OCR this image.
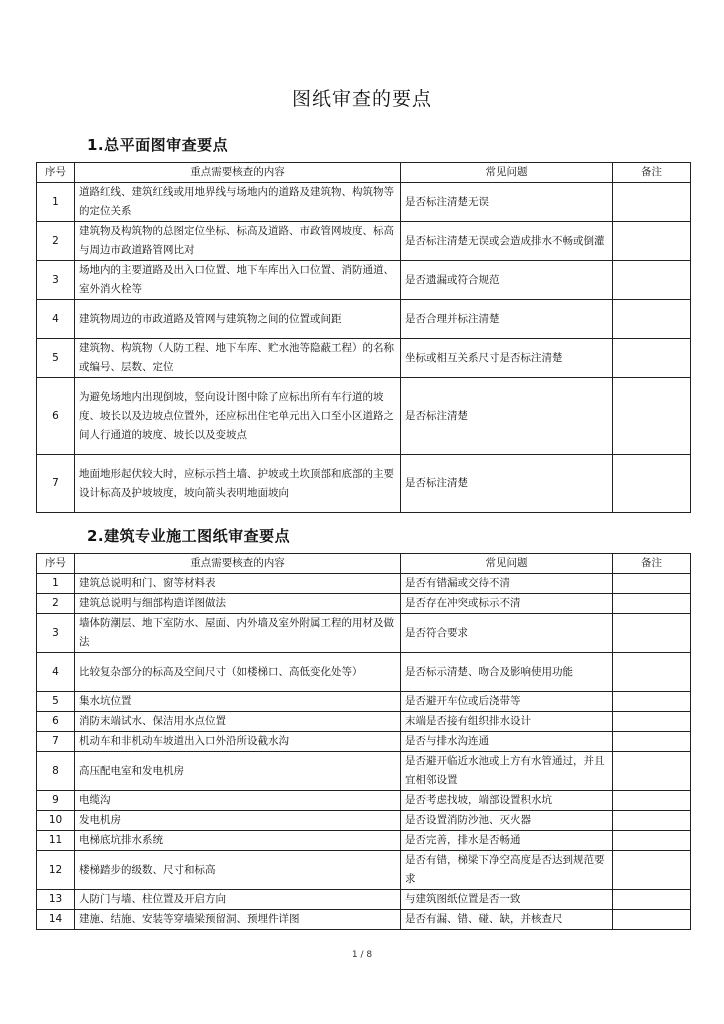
图纸审查的要点
1.总平面图审查要点
序号	重点需要核查的内容	常见问题	备注
1	道路红线、建筑红线或用地界线与场地内的道路及建筑物、构筑物等的定位关系	是否标注清楚无误	
2	建筑物及构筑物的总图定位坐标、标高及道路、市政管网坡度、标高与周边市政道路管网比对	是否标注清楚无误或会造成排水不畅或倒灌	
3	场地内的主要道路及出入口位置、地下车库出入口位置、消防通道、室外消火栓等	是否遗漏或符合规范	
4	建筑物周边的市政道路及管网与建筑物之间的位置或间距	是否合理并标注清楚	
5	建筑物、构筑物（人防工程、地下车库、贮水池等隐蔽工程）的名称或编号、层数、定位	坐标或相互关系尺寸是否标注清楚	
6	为避免场地内出现倒坡，竖向设计图中除了应标出所有车行道的坡度、坡长以及边坡点位置外，还应标出住宅单元出入口至小区道路之间人行通道的坡度、坡长以及变坡点	是否标注清楚	
7	地面地形起伏较大时，应标示挡土墙、护坡或土坎顶部和底部的主要设计标高及护坡坡度，坡向箭头表明地面坡向	是否标注清楚	
2.建筑专业施工图纸审查要点
序号	重点需要核查的内容	常见问题	备注
1	建筑总说明和门、窗等材料表	是否有错漏或交待不清	
2	建筑总说明与细部构造详图做法	是否存在冲突或标示不清	
3	墙体防潮层、地下室防水、屋面、内外墙及室外附属工程的用材及做法	是否符合要求	
4	比较复杂部分的标高及空间尺寸（如楼梯口、高低变化处等）	是否标示清楚、吻合及影响使用功能	
5	集水坑位置	是否避开车位或后浇带等	
6	消防末端试水、保洁用水点位置	末端是否接有组织排水设计	
7	机动车和非机动车坡道出入口外沿所设截水沟	是否与排水沟连通	
8	高压配电室和发电机房	是否避开临近水池或上方有水管通过，并且宜相邻设置	
9	电缆沟	是否考虑找坡，端部设置积水坑	
10	发电机房	是否设置消防沙池、灭火器	
11	电梯底坑排水系统	是否完善，排水是否畅通	
12	楼梯踏步的级数、尺寸和标高	是否有错，梯梁下净空高度是否达到规范要求	
13	人防门与墙、柱位置及开启方向	与建筑图纸位置是否一致	
14	建施、结施、安装等穿墙梁预留洞、预埋件详图	是否有漏、错、碰、缺，并核查尺	
1 / 8
